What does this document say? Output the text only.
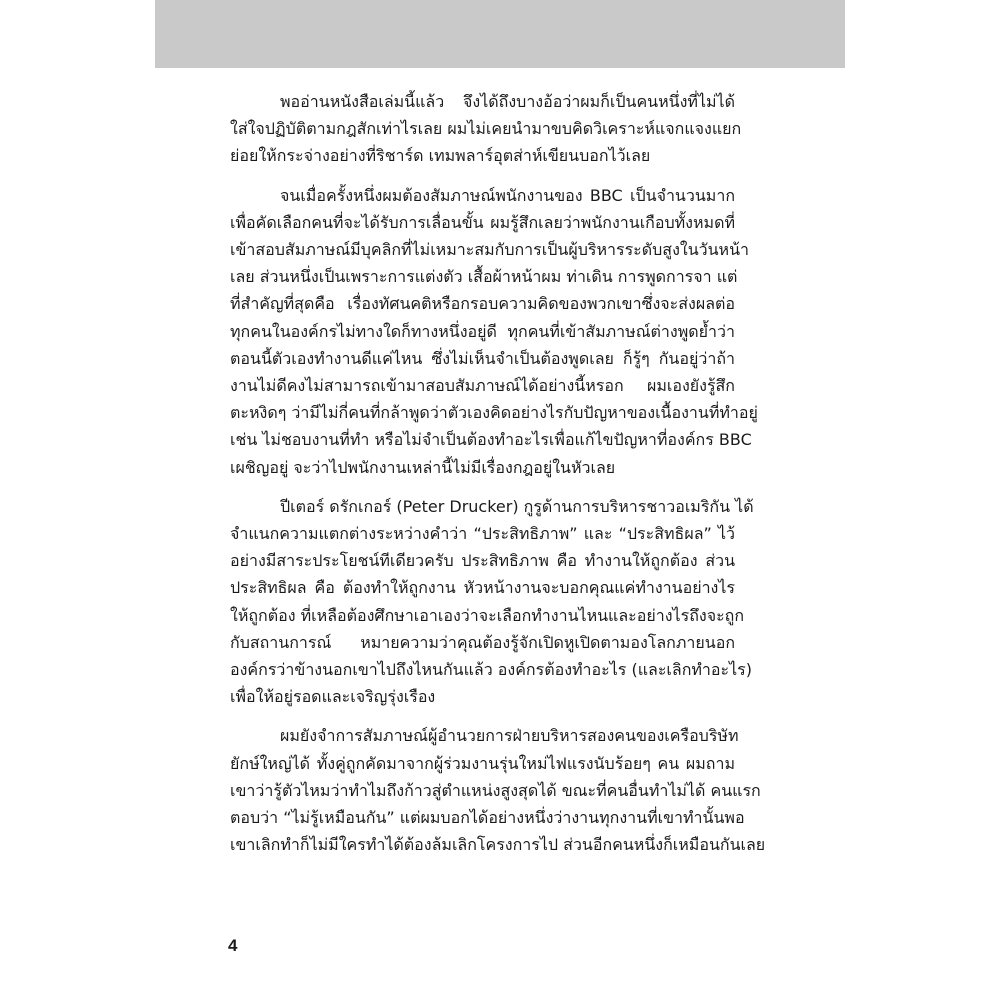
พออ่านหนังสือเล่มนี้แล้ว จึงได้ถึงบางอ้อว่าผมก็เป็นคนหนึ่งที่ไม่ได้
ใส่ใจปฏิบัติตามกฎสักเท่าไรเลย ผมไม่เคยนำมาขบคิดวิเคราะห์แจกแจงแยก
ย่อยให้กระจ่างอย่างที่ริชาร์ด เทมพลาร์อุตส่าห์เขียนบอกไว้เลย

จนเมื่อครั้งหนึ่งผมต้องสัมภาษณ์พนักงานของ BBC เป็นจำนวนมาก
เพื่อคัดเลือกคนที่จะได้รับการเลื่อนขั้น ผมรู้สึกเลยว่าพนักงานเกือบทั้งหมดที่
เข้าสอบสัมภาษณ์มีบุคลิกที่ไม่เหมาะสมกับการเป็นผู้บริหารระดับสูงในวันหน้า
เลย ส่วนหนึ่งเป็นเพราะการแต่งตัว เสื้อผ้าหน้าผม ท่าเดิน การพูดการจา แต่
ที่สำคัญที่สุดคือ เรื่องทัศนคติหรือกรอบความคิดของพวกเขาซึ่งจะส่งผลต่อ
ทุกคนในองค์กรไม่ทางใดก็ทางหนึ่งอยู่ดี ทุกคนที่เข้าสัมภาษณ์ต่างพูดย้ำว่า
ตอนนี้ตัวเองทำงานดีแค่ไหน ซึ่งไม่เห็นจำเป็นต้องพูดเลย ก็รู้ๆ กันอยู่ว่าถ้า
งานไม่ดีคงไม่สามารถเข้ามาสอบสัมภาษณ์ได้อย่างนี้หรอก ผมเองยังรู้สึก
ตะหงิดๆ ว่ามีไม่กี่คนที่กล้าพูดว่าตัวเองคิดอย่างไรกับปัญหาของเนื้องานที่ทำอยู่
เช่น ไม่ชอบงานที่ทำ หรือไม่จำเป็นต้องทำอะไรเพื่อแก้ไขปัญหาที่องค์กร BBC
เผชิญอยู่ จะว่าไปพนักงานเหล่านี้ไม่มีเรื่องกฎอยู่ในหัวเลย

ปีเตอร์ ดรักเกอร์ (Peter Drucker) กูรูด้านการบริหารชาวอเมริกัน ได้
จำแนกความแตกต่างระหว่างคำว่า “ประสิทธิภาพ” และ “ประสิทธิผล” ไว้
อย่างมีสาระประโยชน์ทีเดียวครับ ประสิทธิภาพ คือ ทำงานให้ถูกต้อง ส่วน
ประสิทธิผล คือ ต้องทำให้ถูกงาน หัวหน้างานจะบอกคุณแค่ทำงานอย่างไร
ให้ถูกต้อง ที่เหลือต้องศึกษาเอาเองว่าจะเลือกทำงานไหนและอย่างไรถึงจะถูก
กับสถานการณ์ หมายความว่าคุณต้องรู้จักเปิดหูเปิดตามองโลกภายนอก
องค์กรว่าข้างนอกเขาไปถึงไหนกันแล้ว องค์กรต้องทำอะไร (และเลิกทำอะไร)
เพื่อให้อยู่รอดและเจริญรุ่งเรือง

ผมยังจำการสัมภาษณ์ผู้อำนวยการฝ่ายบริหารสองคนของเครือบริษัท
ยักษ์ใหญ่ได้ ทั้งคู่ถูกคัดมาจากผู้ร่วมงานรุ่นใหม่ไฟแรงนับร้อยๆ คน ผมถาม
เขาว่ารู้ตัวไหมว่าทำไมถึงก้าวสู่ตำแหน่งสูงสุดได้ ขณะที่คนอื่นทำไม่ได้ คนแรก
ตอบว่า “ไม่รู้เหมือนกัน” แต่ผมบอกได้อย่างหนึ่งว่างานทุกงานที่เขาทำนั้นพอ
เขาเลิกทำก็ไม่มีใครทำได้ต้องล้มเลิกโครงการไป ส่วนอีกคนหนึ่งก็เหมือนกันเลย

4
